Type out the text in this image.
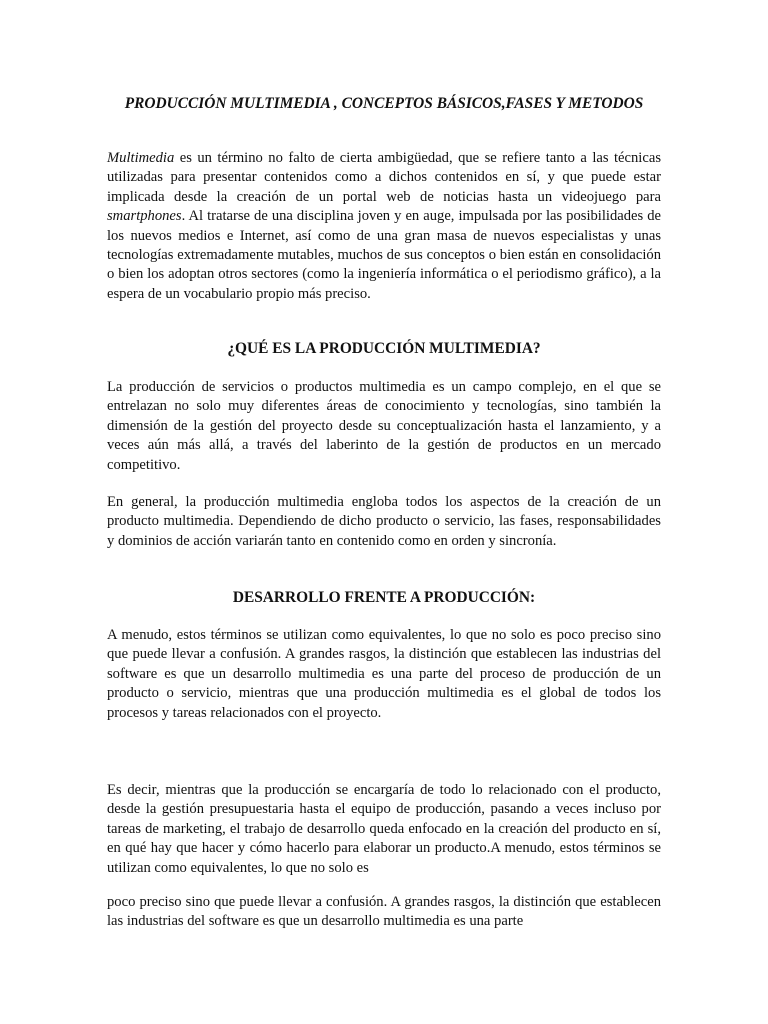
PRODUCCIÓN MULTIMEDIA , CONCEPTOS BÁSICOS,FASES Y METODOS

Multimedia es un término no falto de cierta ambigüedad, que se refiere tanto a las técnicas utilizadas para presentar contenidos como a dichos contenidos en sí, y que puede estar implicada desde la creación de un portal web de noticias hasta un videojuego para smartphones. Al tratarse de una disciplina joven y en auge, impulsada por las posibilidades de los nuevos medios e Internet, así como de una gran masa de nuevos especialistas y unas tecnologías extremadamente mutables, muchos de sus conceptos o bien están en consolidación o bien los adoptan otros sectores (como la ingeniería informática o el periodismo gráfico), a la espera de un vocabulario propio más preciso.

¿QUÉ ES LA PRODUCCIÓN MULTIMEDIA?

La producción de servicios o productos multimedia es un campo complejo, en el que se entrelazan no solo muy diferentes áreas de conocimiento y tecnologías, sino también la dimensión de la gestión del proyecto desde su conceptualización hasta el lanzamiento, y a veces aún más allá, a través del laberinto de la gestión de productos en un mercado competitivo.

En general, la producción multimedia engloba todos los aspectos de la creación de un producto multimedia. Dependiendo de dicho producto o servicio, las fases, responsabilidades y dominios de acción variarán tanto en contenido como en orden y sincronía.

DESARROLLO FRENTE A PRODUCCIÓN:

A menudo, estos términos se utilizan como equivalentes, lo que no solo es poco preciso sino que puede llevar a confusión. A grandes rasgos, la distinción que establecen las industrias del software es que un desarrollo multimedia es una parte del proceso de producción de un producto o servicio, mientras que una producción multimedia es el global de todos los procesos y tareas relacionados con el proyecto.

Es decir, mientras que la producción se encargaría de todo lo relacionado con el producto, desde la gestión presupuestaria hasta el equipo de producción, pasando a veces incluso por tareas de marketing, el trabajo de desarrollo queda enfocado en la creación del producto en sí, en qué hay que hacer y cómo hacerlo para elaborar un producto.A menudo, estos términos se utilizan como equivalentes, lo que no solo es

poco preciso sino que puede llevar a confusión. A grandes rasgos, la distinción que establecen las industrias del software es que un desarrollo multimedia es una parte
